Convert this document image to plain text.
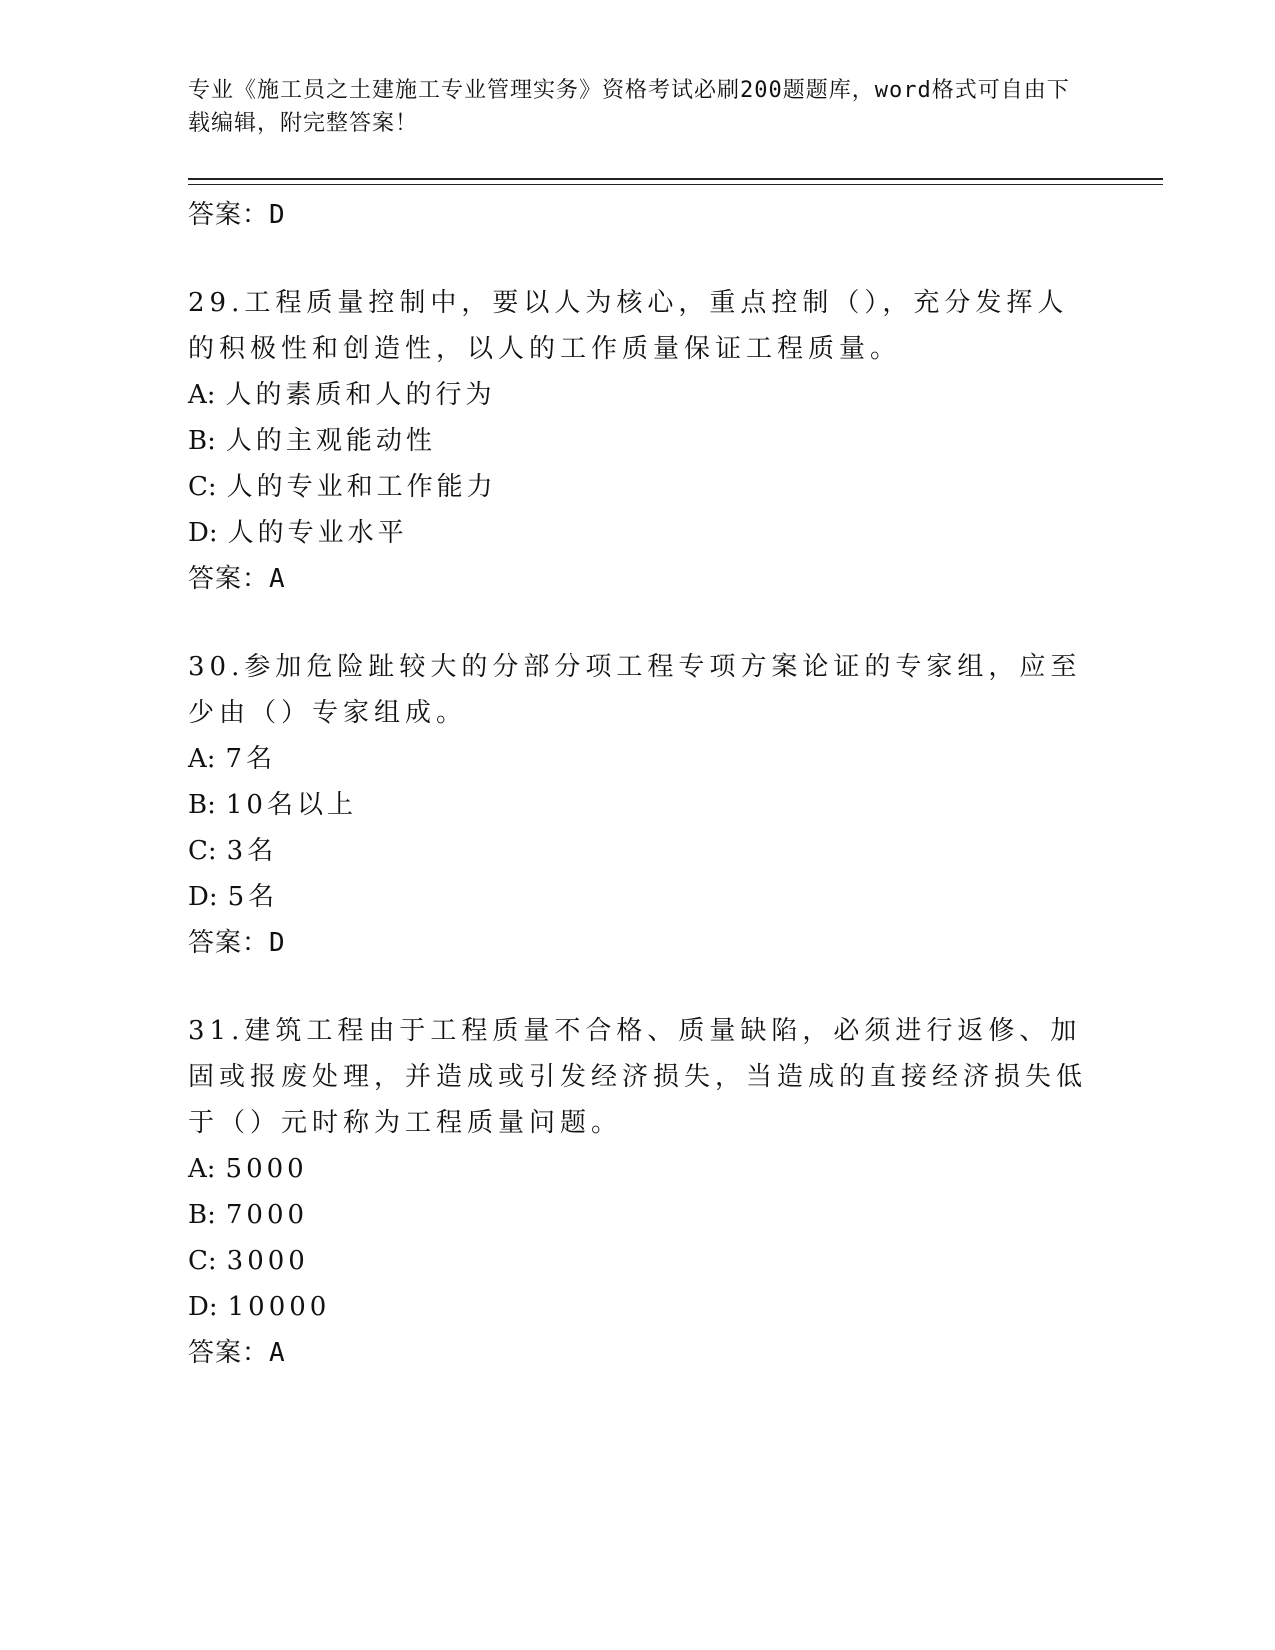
专业《施工员之土建施工专业管理实务》资格考试必刷200题题库，word格式可自由下载编辑，附完整答案！
答案：D
29.工程质量控制中，要以人为核心，重点控制（），充分发挥人的积极性和创造性，以人的工作质量保证工程质量。
A: 人的素质和人的行为
B: 人的主观能动性
C: 人的专业和工作能力
D: 人的专业水平
答案：A
30.参加危险趾较大的分部分项工程专项方案论证的专家组，应至少由（）专家组成。
A: 7名
B: 10名以上
C: 3名
D: 5名
答案：D
31.建筑工程由于工程质量不合格、质量缺陷，必须进行返修、加固或报废处理，并造成或引发经济损失，当造成的直接经济损失低于（）元时称为工程质量问题。
A: 5000
B: 7000
C: 3000
D: 10000
答案：A
